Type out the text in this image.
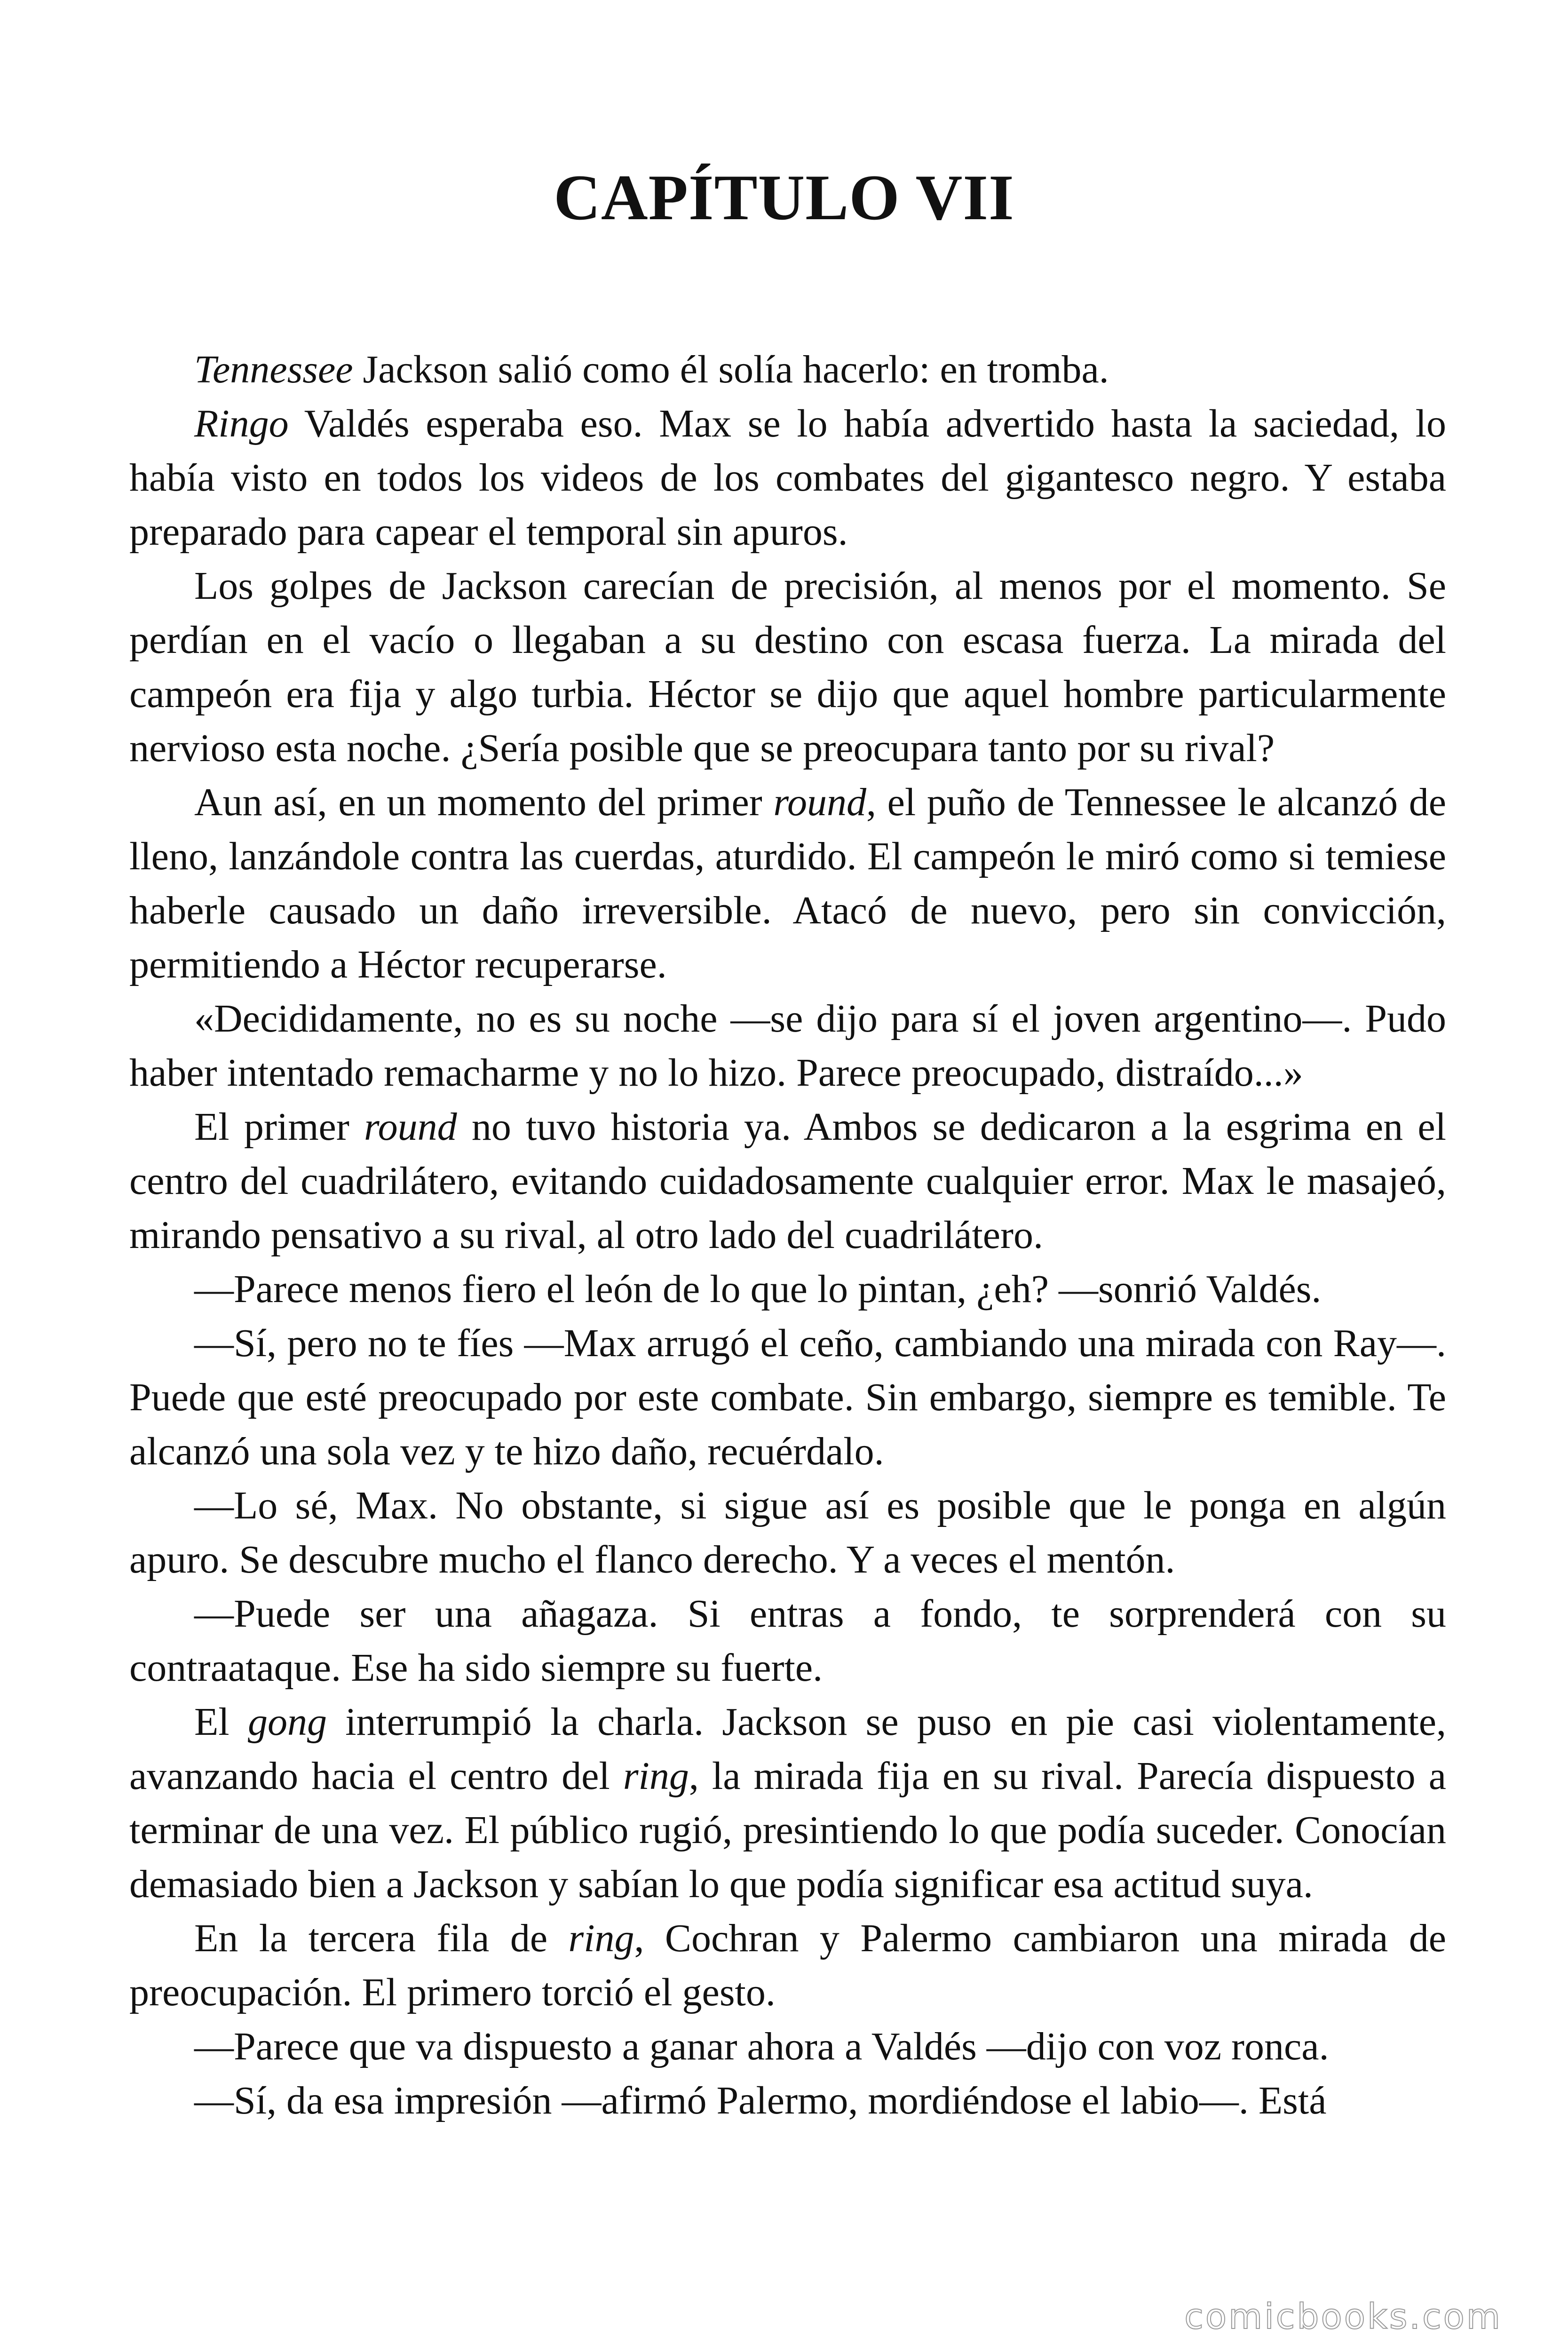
CAPÍTULO VII

Tennessee Jackson salió como él solía hacerlo: en tromba.

Ringo Valdés esperaba eso. Max se lo había advertido hasta la saciedad, lo había visto en todos los videos de los combates del gigantesco negro. Y estaba preparado para capear el temporal sin apuros.

Los golpes de Jackson carecían de precisión, al menos por el momento. Se perdían en el vacío o llegaban a su destino con escasa fuerza. La mirada del campeón era fija y algo turbia. Héctor se dijo que aquel hombre particularmente nervioso esta noche. ¿Sería posible que se preocupara tanto por su rival?

Aun así, en un momento del primer round, el puño de Tennessee le alcanzó de lleno, lanzándole contra las cuerdas, aturdido. El campeón le miró como si temiese haberle causado un daño irreversible. Atacó de nuevo, pero sin convicción, permitiendo a Héctor recuperarse.

«Decididamente, no es su noche —se dijo para sí el joven argentino—. Pudo haber intentado remacharme y no lo hizo. Parece preocupado, distraído...»

El primer round no tuvo historia ya. Ambos se dedicaron a la esgrima en el centro del cuadrilátero, evitando cuidadosamente cualquier error. Max le masajeó, mirando pensativo a su rival, al otro lado del cuadrilátero.

—Parece menos fiero el león de lo que lo pintan, ¿eh? —sonrió Valdés.

—Sí, pero no te fíes —Max arrugó el ceño, cambiando una mirada con Ray—. Puede que esté preocupado por este combate. Sin embargo, siempre es temible. Te alcanzó una sola vez y te hizo daño, recuérdalo.

—Lo sé, Max. No obstante, si sigue así es posible que le ponga en algún apuro. Se descubre mucho el flanco derecho. Y a veces el mentón.

—Puede ser una añagaza. Si entras a fondo, te sorprenderá con su contraataque. Ese ha sido siempre su fuerte.

El gong interrumpió la charla. Jackson se puso en pie casi violentamente, avanzando hacia el centro del ring, la mirada fija en su rival. Parecía dispuesto a terminar de una vez. El público rugió, presintiendo lo que podía suceder. Conocían demasiado bien a Jackson y sabían lo que podía significar esa actitud suya.

En la tercera fila de ring, Cochran y Palermo cambiaron una mirada de preocupación. El primero torció el gesto.

—Parece que va dispuesto a ganar ahora a Valdés —dijo con voz ronca.

—Sí, da esa impresión —afirmó Palermo, mordiéndose el labio—. Está

comicbooks.com
